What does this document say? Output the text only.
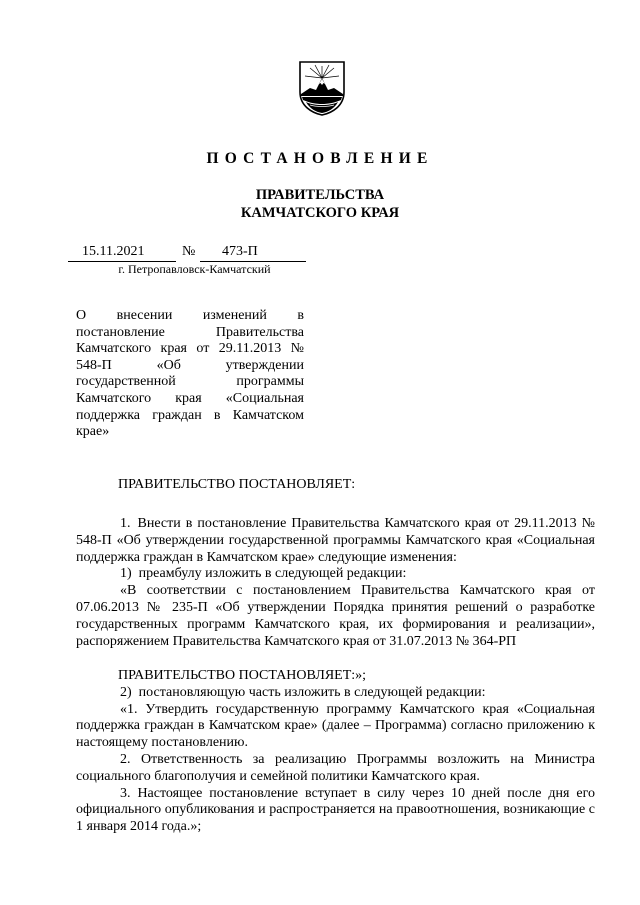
ПОСТАНОВЛЕНИЕ
ПРАВИТЕЛЬСТВА
КАМЧАТСКОГО КРАЯ
15.11.2021	№ 473-П
г. Петропавловск-Камчатский
О внесении изменений в постановление Правительства Камчатского края от 29.11.2013 № 548-П «Об утверждении государственной программы Камчатского края «Социальная поддержка граждан в Камчатском крае»
ПРАВИТЕЛЬСТВО ПОСТАНОВЛЯЕТ:

1. Внести в постановление Правительства Камчатского края от 29.11.2013 № 548-П «Об утверждении государственной программы Камчатского края «Социальная поддержка граждан в Камчатском крае» следующие изменения:

1) преамбулу изложить в следующей редакции:

«В соответствии с постановлением Правительства Камчатского края от 07.06.2013 № 235-П «Об утверждении Порядка принятия решений о разработке государственных программ Камчатского края, их формирования и реализации», распоряжением Правительства Камчатского края от 31.07.2013 № 364-РП

ПРАВИТЕЛЬСТВО ПОСТАНОВЛЯЕТ:»;

2) постановляющую часть изложить в следующей редакции:

«1. Утвердить государственную программу Камчатского края «Социальная поддержка граждан в Камчатском крае» (далее – Программа) согласно приложению к настоящему постановлению.

2. Ответственность за реализацию Программы возложить на Министра социального благополучия и семейной политики Камчатского края.

3. Настоящее постановление вступает в силу через 10 дней после дня его официального опубликования и распространяется на правоотношения, возникающие с 1 января 2014 года.»;
